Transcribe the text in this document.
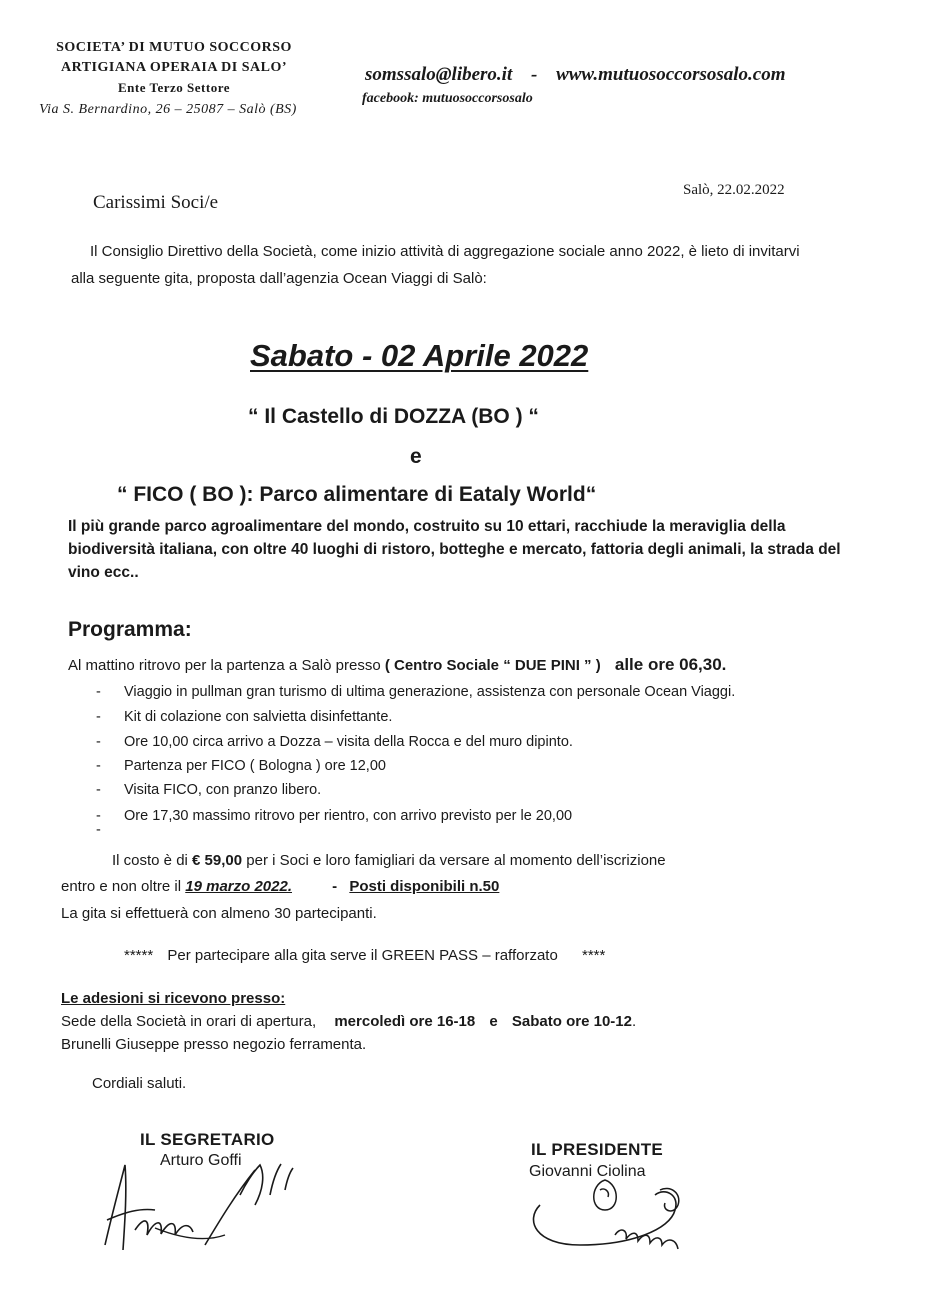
SOCIETA’ DI MUTUO SOCCORSO
ARTIGIANA OPERAIA DI SALO’
Ente Terzo Settore
Via S. Bernardino, 26 – 25087 – Salò (BS)
somssalo@libero.it - www.mutuosoccorsosalo.com
facebook: mutuosoccorsosalo
Salò, 22.02.2022
Carissimi Soci/e
Il Consiglio Direttivo della Società, come inizio attività di aggregazione sociale anno 2022, è lieto di invitarvi
alla seguente gita, proposta dall’agenzia Ocean Viaggi di Salò:
Sabato - 02 Aprile 2022
“ Il Castello di DOZZA (BO ) “
e
“ FICO ( BO ): Parco alimentare di Eataly World“
Il più grande parco agroalimentare del mondo, costruito su 10 ettari, racchiude la meraviglia della biodiversità italiana, con oltre 40 luoghi di ristoro, botteghe e mercato, fattoria degli animali, la strada del vino ecc..
Programma:
Al mattino ritrovo per la partenza a Salò presso ( Centro Sociale “ DUE PINI ” ) alle ore 06,30.
- Viaggio in pullman gran turismo di ultima generazione, assistenza con personale Ocean Viaggi.
- Kit di colazione con salvietta disinfettante.
- Ore 10,00 circa arrivo a Dozza – visita della Rocca e del muro dipinto.
- Partenza per FICO ( Bologna ) ore 12,00
- Visita FICO, con pranzo libero.
- Ore 17,30 massimo ritrovo per rientro, con arrivo previsto per le 20,00
-
Il costo è di € 59,00 per i Soci e loro famigliari da versare al momento dell’iscrizione
entro e non oltre il 19 marzo 2022.	- Posti disponibili n.50
La gita si effettuerà con almeno 30 partecipanti.
***** Per partecipare alla gita serve il GREEN PASS – rafforzato ****
Le adesioni si ricevono presso:
Sede della Società in orari di apertura, mercoledì ore 16-18 e Sabato ore 10-12.
Brunelli Giuseppe presso negozio ferramenta.
Cordiali saluti.
IL SEGRETARIO
Arturo Goffi
IL PRESIDENTE
Giovanni Ciolina
